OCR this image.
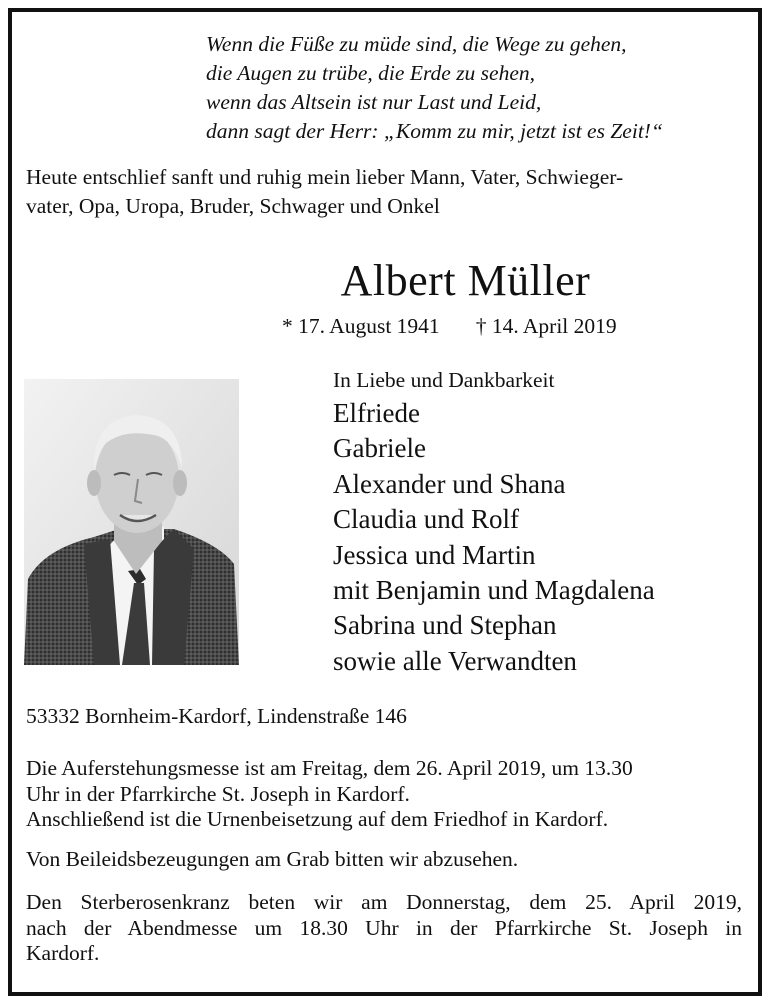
Wenn die Füße zu müde sind, die Wege zu gehen,
die Augen zu trübe, die Erde zu sehen,
wenn das Altsein ist nur Last und Leid,
dann sagt der Herr: „Komm zu mir, jetzt ist es Zeit!“
Heute entschlief sanft und ruhig mein lieber Mann, Vater, Schwieger-
vater, Opa, Uropa, Bruder, Schwager und Onkel
Albert Müller
* 17. August 1941 † 14. April 2019
In Liebe und Dankbarkeit
Elfriede
Gabriele
Alexander und Shana
Claudia und Rolf
Jessica und Martin
mit Benjamin und Magdalena
Sabrina und Stephan
sowie alle Verwandten
53332 Bornheim-Kardorf, Lindenstraße 146
Die Auferstehungsmesse ist am Freitag, dem 26. April 2019, um 13.30
Uhr in der Pfarrkirche St. Joseph in Kardorf.
Anschließend ist die Urnenbeisetzung auf dem Friedhof in Kardorf.
Von Beileidsbezeugungen am Grab bitten wir abzusehen.
Den Sterberosenkranz beten wir am Donnerstag, dem 25. April 2019,
nach der Abendmesse um 18.30 Uhr in der Pfarrkirche St. Joseph in
Kardorf.
